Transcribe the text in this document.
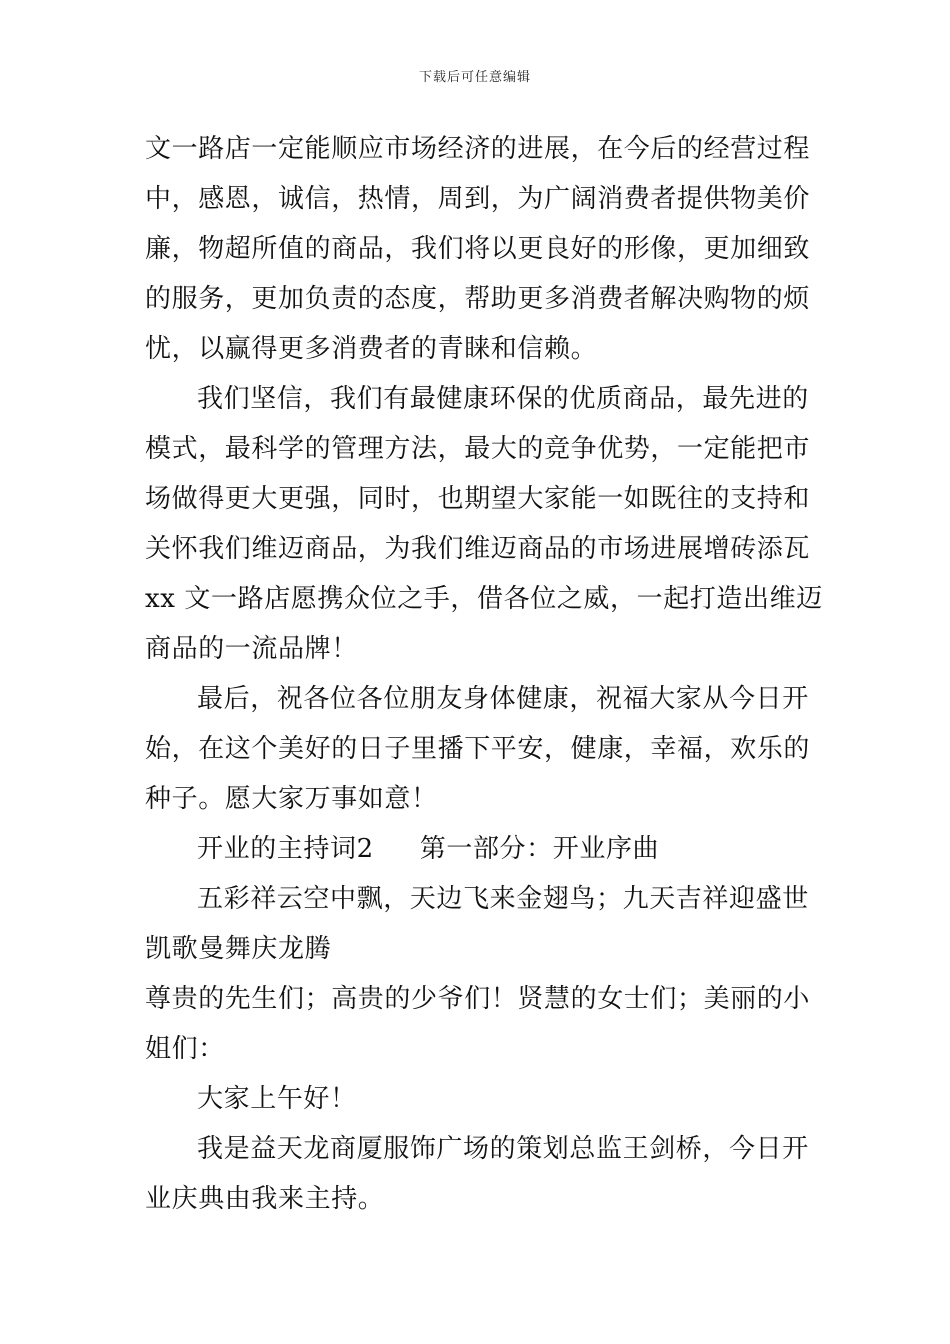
下载后可任意编辑
文一路店一定能顺应市场经济的进展，在今后的经营过程
中，感恩，诚信，热情，周到，为广阔消费者提供物美价
廉，物超所值的商品，我们将以更良好的形像，更加细致
的服务，更加负责的态度，帮助更多消费者解决购物的烦
忧，以赢得更多消费者的青睐和信赖。
我们坚信，我们有最健康环保的优质商品，最先进的
模式，最科学的管理方法，最大的竞争优势，一定能把市
场做得更大更强，同时，也期望大家能一如既往的支持和
关怀我们维迈商品，为我们维迈商品的市场进展增砖添瓦
xx 文一路店愿携众位之手，借各位之威，一起打造出维迈
商品的一流品牌！
最后，祝各位各位朋友身体健康，祝福大家从今日开
始，在这个美好的日子里播下平安，健康，幸福，欢乐的
种子。愿大家万事如意！
开业的主持词2 第一部分：开业序曲
五彩祥云空中飘，天边飞来金翅鸟；九天吉祥迎盛世
凯歌曼舞庆龙腾
尊贵的先生们；高贵的少爷们！贤慧的女士们；美丽的小
姐们：
大家上午好！
我是益天龙商厦服饰广场的策划总监王剑桥，今日开
业庆典由我来主持。
